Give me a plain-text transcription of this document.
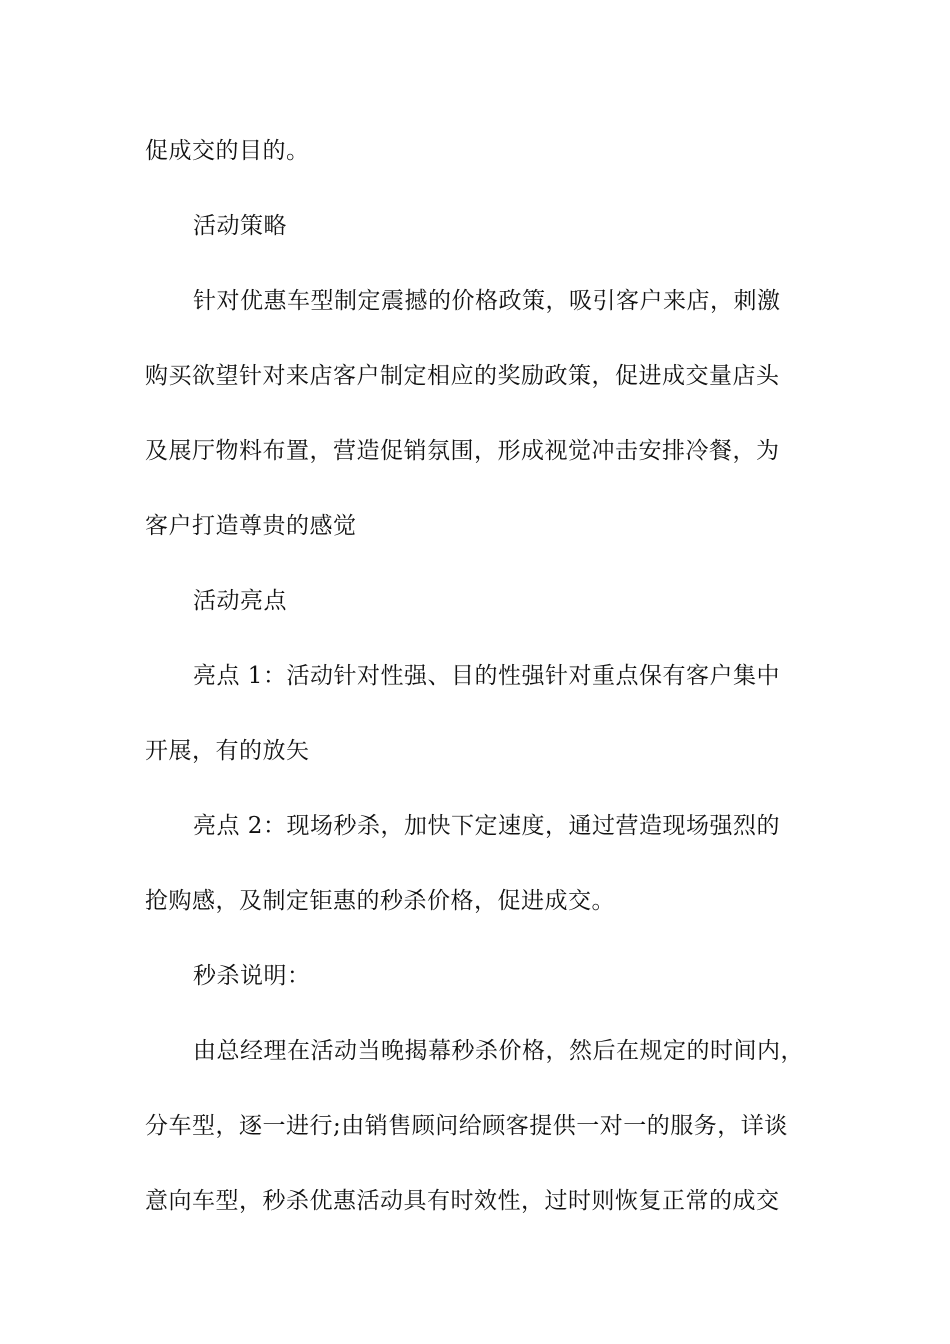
促成交的目的。

活动策略

针对优惠车型制定震撼的价格政策，吸引客户来店，刺激

购买欲望针对来店客户制定相应的奖励政策，促进成交量店头

及展厅物料布置，营造促销氛围，形成视觉冲击安排冷餐，为

客户打造尊贵的感觉

活动亮点

亮点 1：活动针对性强、目的性强针对重点保有客户集中

开展，有的放矢

亮点 2：现场秒杀，加快下定速度，通过营造现场强烈的

抢购感，及制定钜惠的秒杀价格，促进成交。

秒杀说明：

由总经理在活动当晚揭幕秒杀价格，然后在规定的时间内，

分车型，逐一进行;由销售顾问给顾客提供一对一的服务，详谈

意向车型，秒杀优惠活动具有时效性，过时则恢复正常的成交
